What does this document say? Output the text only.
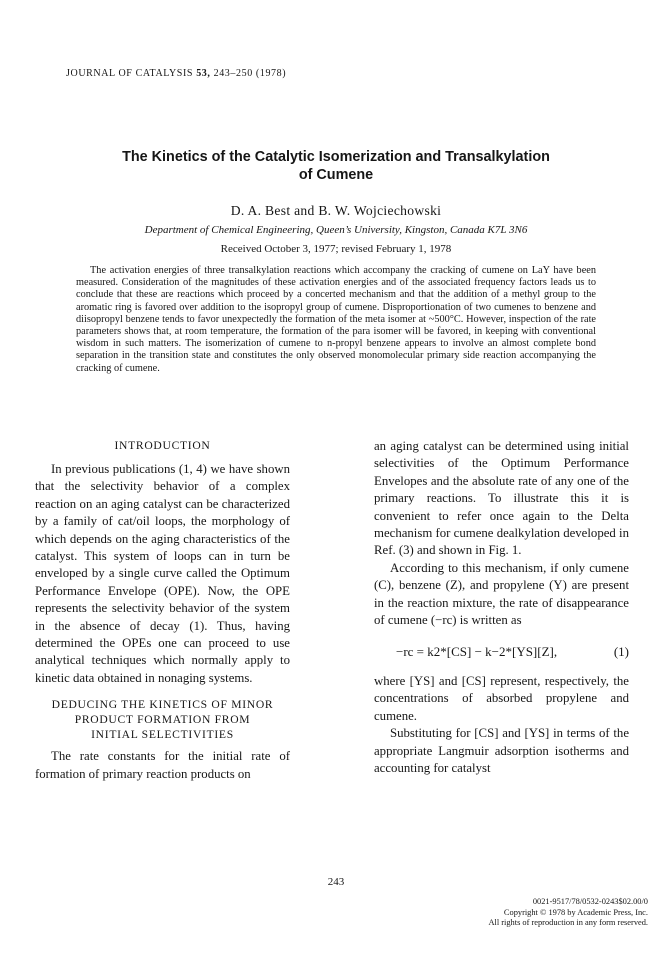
JOURNAL OF CATALYSIS 53, 243–250 (1978)
The Kinetics of the Catalytic Isomerization and Transalkylation
of Cumene
D. A. Best and B. W. Wojciechowski
Department of Chemical Engineering, Queen’s University, Kingston, Canada K7L 3N6
Received October 3, 1977; revised February 1, 1978
The activation energies of three transalkylation reactions which accompany the cracking of cumene on LaY have been measured. Consideration of the magnitudes of these activation energies and of the associated frequency factors leads us to conclude that these are reactions which proceed by a concerted mechanism and that the addition of a methyl group to the aromatic ring is favored over addition to the isopropyl group of cumene. Disproportionation of two cumenes to benzene and diisopropyl benzene tends to favor unexpectedly the formation of the meta isomer at ~500°C. However, inspection of the rate parameters shows that, at room temperature, the formation of the para isomer will be favored, in keeping with conventional wisdom in such matters. The isomerization of cumene to n-propyl benzene appears to involve an almost complete bond separation in the transition state and constitutes the only observed monomolecular primary side reaction accompanying the cracking of cumene.
INTRODUCTION

In previous publications (1, 4) we have shown that the selectivity behavior of a complex reaction on an aging catalyst can be characterized by a family of cat/oil loops, the morphology of which depends on the aging characteristics of the catalyst. This system of loops can in turn be enveloped by a single curve called the Optimum Performance Envelope (OPE). Now, the OPE represents the selectivity behavior of the system in the absence of decay (1). Thus, having determined the OPEs one can proceed to use analytical techniques which normally apply to kinetic data obtained in nonaging systems.

DEDUCING THE KINETICS OF MINOR
PRODUCT FORMATION FROM
INITIAL SELECTIVITIES

The rate constants for the initial rate of formation of primary reaction products on

an aging catalyst can be determined using initial selectivities of the Optimum Performance Envelopes and the absolute rate of any one of the primary reactions. To illustrate this it is convenient to refer once again to the Delta mechanism for cumene dealkylation developed in Ref. (3) and shown in Fig. 1.

According to this mechanism, if only cumene (C), benzene (Z), and propylene (Y) are present in the reaction mixture, the rate of disappearance of cumene (−rc) is written as

−rc = k2*[CS] − k−2*[YS][Z],	(1)

where [YS] and [CS] represent, respectively, the concentrations of absorbed propylene and cumene.

Substituting for [CS] and [YS] in terms of the appropriate Langmuir adsorption isotherms and accounting for catalyst

243
0021-9517/78/0532-0243$02.00/0
Copyright © 1978 by Academic Press, Inc.
All rights of reproduction in any form reserved.
